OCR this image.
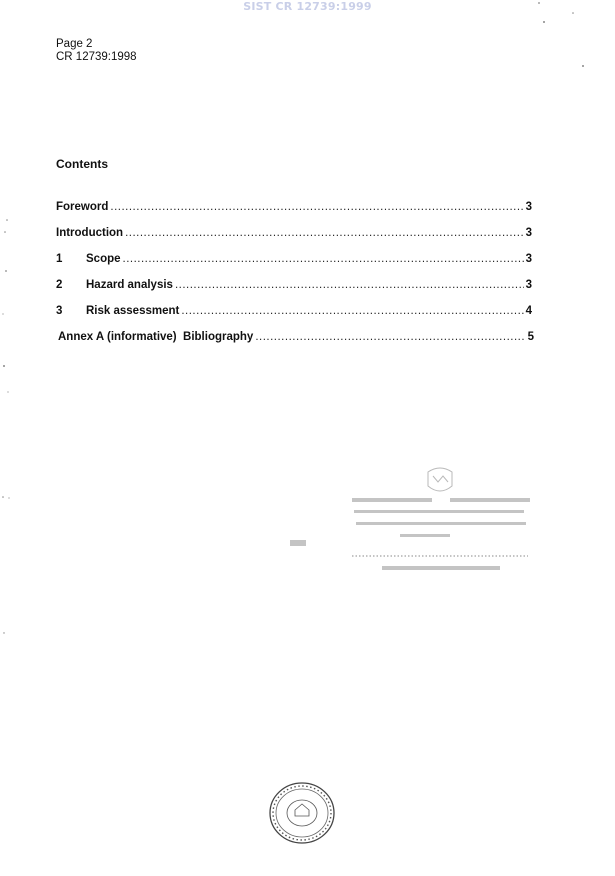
SIST CR 12739:1999
Page 2
CR 12739:1998
Contents
Foreword .....	3
Introduction .....	3
1	Scope .....	3
2	Hazard analysis .....	3
3	Risk assessment .....	4
Annex A (informative)  Bibliography .....	5
